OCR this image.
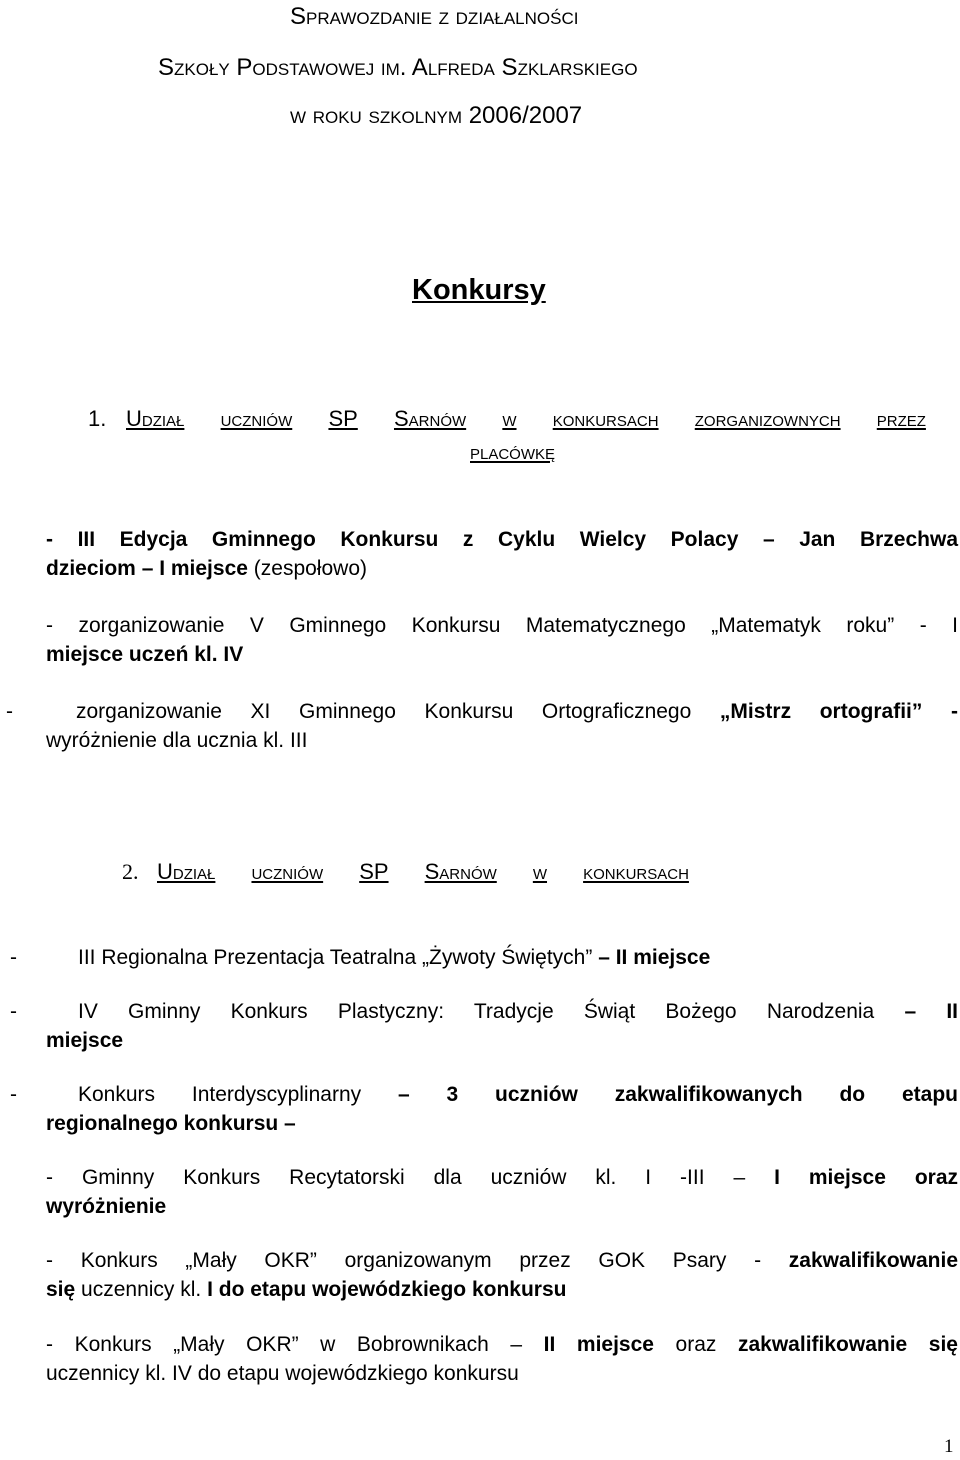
Sprawozdanie z działalności
Szkoły Podstawowej im. Alfreda Szklarskiego
w roku szkolnym 2006/2007
Konkursy
1. Udział uczniów SP Sarnów w konkursach zorganizownych przez
placówkę
- III Edycja Gminnego Konkursu z Cyklu Wielcy Polacy – Jan Brzechwa
dzieciom – I miejsce (zespołowo)
- zorganizowanie V Gminnego Konkursu Matematycznego „Matematyk roku” - I
miejsce uczeń kl. IV
-	zorganizowanie XI Gminnego Konkursu Ortograficznego „Mistrz ortografii” -
wyróżnienie dla ucznia kl. III
2. Udział uczniów SP Sarnów w konkursach
-	III Regionalna Prezentacja Teatralna „Żywoty Świętych” – II miejsce
-	IV Gminny Konkurs Plastyczny: Tradycje Świąt Bożego Narodzenia – II
miejsce
-	Konkurs Interdyscyplinarny – 3 uczniów zakwalifikowanych do etapu
regionalnego konkursu –
- Gminny Konkurs Recytatorski dla uczniów kl. I -III – I miejsce oraz
wyróżnienie
- Konkurs „Mały OKR” organizowanym przez GOK Psary - zakwalifikowanie
się uczennicy kl. I do etapu wojewódzkiego konkursu
- Konkurs „Mały OKR” w Bobrownikach – II miejsce oraz zakwalifikowanie się
uczennicy kl. IV do etapu wojewódzkiego konkursu
1
